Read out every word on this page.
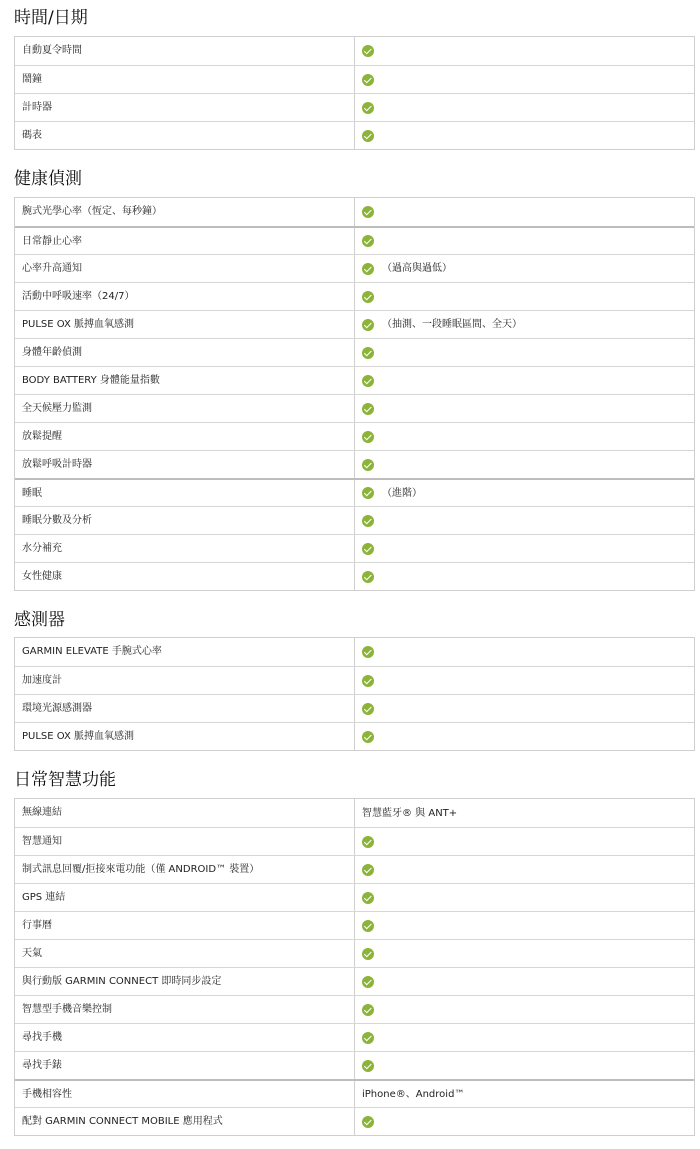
時間/日期
自動夏令時間
鬧鐘
計時器
碼表
健康偵測
腕式光學心率（恆定、每秒鐘）
日常靜止心率
心率升高通知	（過高與過低）
活動中呼吸速率（24/7）
PULSE OX 脈搏血氧感測	（抽測、一段睡眠區間、全天）
身體年齡偵測
BODY BATTERY 身體能量指數
全天候壓力監測
放鬆提醒
放鬆呼吸計時器
睡眠	（進階）
睡眠分數及分析
水分補充
女性健康
感測器
GARMIN ELEVATE 手腕式心率
加速度計
環境光源感測器
PULSE OX 脈搏血氧感測
日常智慧功能
無線連結	智慧藍牙® 與 ANT+
智慧通知
制式訊息回覆/拒接來電功能（僅 ANDROID™ 裝置）
GPS 連結
行事曆
天氣
與行動版 GARMIN CONNECT 即時同步設定
智慧型手機音樂控制
尋找手機
尋找手錶
手機相容性	iPhone®、Android™
配對 GARMIN CONNECT MOBILE 應用程式
